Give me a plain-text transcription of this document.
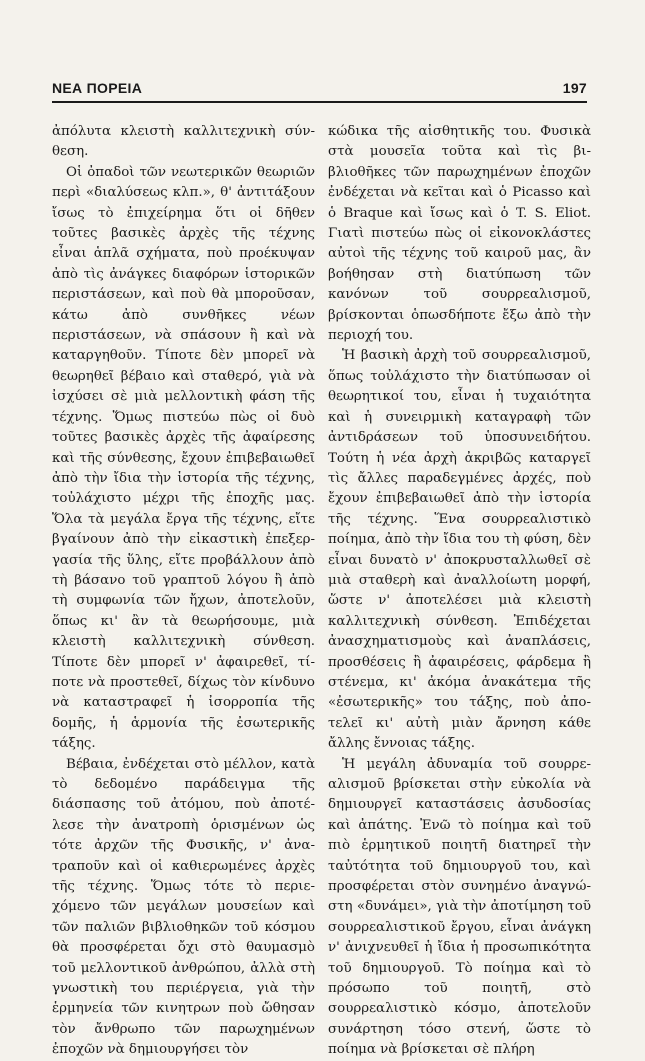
ΝΕΑ ΠΟΡΕΙΑ	197

ἀπόλυτα κλειστὴ καλλιτεχνικὴ σύνθεση.

Οἱ ὀπαδοὶ τῶν νεωτερικῶν θεωριῶν περὶ «διαλύσεως κλπ.», θ' ἀντιτάξουν ἴσως τὸ ἐπιχείρημα ὅτι οἱ δῆθεν τοῦτες βασικὲς ἀρχὲς τῆς τέχνης εἶναι ἁπλᾶ σχήματα, ποὺ προέκυψαν ἀπὸ τὶς ἀνάγκες διαφόρων ἱστορικῶν περιστάσεων, καὶ ποὺ θὰ μποροῦσαν, κάτω ἀπὸ συνθῆκες νέων περιστάσεων, νὰ σπάσουν ἢ καὶ νὰ καταργηθοῦν. Τίποτε δὲν μπορεῖ νὰ θεωρηθεῖ βέβαιο καὶ σταθερό, γιὰ νὰ ἰσχύσει σὲ μιὰ μελλοντικὴ φάση τῆς τέχνης. Ὅμως πιστεύω πὼς οἱ δυὸ τοῦτες βασικὲς ἀρχὲς τῆς ἀφαίρεσης καὶ τῆς σύνθεσης, ἔχουν ἐπιβεβαιωθεῖ ἀπὸ τὴν ἴδια τὴν ἱστορία τῆς τέχνης, τοὐλάχιστο μέχρι τῆς ἐποχῆς μας. Ὅλα τὰ μεγάλα ἔργα τῆς τέχνης, εἴτε βγαίνουν ἀπὸ τὴν εἰκαστικὴ ἐπεξεργασία τῆς ὕλης, εἴτε προβάλλουν ἀπὸ τὴ βάσανο τοῦ γραπτοῦ λόγου ἢ ἀπὸ τὴ συμφωνία τῶν ἤχων, ἀποτελοῦν, ὅπως κι' ἂν τὰ θεωρήσουμε, μιὰ κλειστὴ καλλιτεχνικὴ σύνθεση. Τίποτε δὲν μπορεῖ ν' ἀφαιρεθεῖ, τίποτε νὰ προστεθεῖ, δίχως τὸν κίνδυνο νὰ καταστραφεῖ ἡ ἰσορροπία τῆς δομῆς, ἡ ἁρμονία τῆς ἐσωτερικῆς τάξης.

Βέβαια, ἐνδέχεται στὸ μέλλον, κατὰ τὸ δεδομένο παράδειγμα τῆς διάσπασης τοῦ ἀτόμου, ποὺ ἀποτέλεσε τὴν ἀνατροπὴ ὁρισμένων ὡς τότε ἀρχῶν τῆς Φυσικῆς, ν' ἀνατραποῦν καὶ οἱ καθιερωμένες ἀρχὲς τῆς τέχνης. Ὅμως τότε τὸ περιεχόμενο τῶν μεγάλων μουσείων καὶ τῶν παλιῶν βιβλιοθηκῶν τοῦ κόσμου θὰ προσφέρεται ὄχι στὸ θαυμασμὸ τοῦ μελλοντικοῦ ἀνθρώπου, ἀλλὰ στὴ γνωστικὴ του περιέργεια, γιὰ τὴν ἑρμηνεία τῶν κινητρων ποὺ ὤθησαν τὸν ἄνθρωπο τῶν παρωχημένων ἐποχῶν νὰ δημιουργήσει τὸν

κώδικα τῆς αἰσθητικῆς του. Φυσικὰ στὰ μουσεῖα τοῦτα καὶ τὶς βιβλιοθῆκες τῶν παρωχημένων ἐποχῶν ἐνδέχεται νὰ κεῖται καὶ ὁ Picasso καὶ ὁ Braque καὶ ἴσως καὶ ὁ T. S. Eliot. Γιατὶ πιστεύω πὼς οἱ εἰκονοκλάστες αὐτοὶ τῆς τέχνης τοῦ καιροῦ μας, ἂν βοήθησαν στὴ διατύπωση τῶν κανόνων τοῦ σουρρεαλισμοῦ, βρίσκονται ὁπωσδήποτε ἔξω ἀπὸ τὴν περιοχή του.

Ἡ βασικὴ ἀρχὴ τοῦ σουρρεαλισμοῦ, ὅπως τοὐλάχιστο τὴν διατύπωσαν οἱ θεωρητικοί του, εἶναι ἡ τυχαιότητα καὶ ἡ συνειρμικὴ καταγραφὴ τῶν ἀντιδράσεων τοῦ ὑποσυνειδήτου. Τούτη ἡ νέα ἀρχὴ ἀκριβῶς καταργεῖ τὶς ἄλλες παραδεγμένες ἀρχές, ποὺ ἔχουν ἐπιβεβαιωθεῖ ἀπὸ τὴν ἱστορία τῆς τέχνης. Ἕνα σουρρεαλιστικὸ ποίημα, ἀπὸ τὴν ἴδια του τὴ φύση, δὲν εἶναι δυνατὸ ν' ἀποκρυσταλλωθεῖ σὲ μιὰ σταθερὴ καὶ ἀναλλοίωτη μορφή, ὥστε ν' ἀποτελέσει μιὰ κλειστὴ καλλιτεχνικὴ σύνθεση. Ἐπιδέχεται ἀνασχηματισμοὺς καὶ ἀναπλάσεις, προσθέσεις ἢ ἀφαιρέσεις, φάρδεμα ἢ στένεμα, κι' ἀκόμα ἀνακάτεμα τῆς «ἐσωτερικῆς» του τάξης, ποὺ ἀποτελεῖ κι' αὐτὴ μιὰν ἄρνηση κάθε ἄλλης ἔννοιας τάξης.

Ἡ μεγάλη ἀδυναμία τοῦ σουρρεαλισμοῦ βρίσκεται στὴν εὐκολία νὰ δημιουργεῖ καταστάσεις ἀσυδοσίας καὶ ἀπάτης. Ἐνῶ τὸ ποίημα καὶ τοῦ πιὸ ἑρμητικοῦ ποιητῆ διατηρεῖ τὴν ταὐτότητα τοῦ δημιουργοῦ του, καὶ προσφέρεται στὸν συνημένο ἀναγνώστη «δυνάμει», γιὰ τὴν ἀποτίμηση τοῦ σουρρεαλιστικοῦ ἔργου, εἶναι ἀνάγκη ν' ἀνιχνευθεῖ ἡ ἴδια ἡ προσωπικότητα τοῦ δημιουργοῦ. Τὸ ποίημα καὶ τὸ πρόσωπο τοῦ ποιητῆ, στὸ σουρρεαλιστικὸ κόσμο, ἀποτελοῦν συνάρτηση τόσο στενή, ὥστε τὸ ποίημα νὰ βρίσκεται σὲ πλήρη
